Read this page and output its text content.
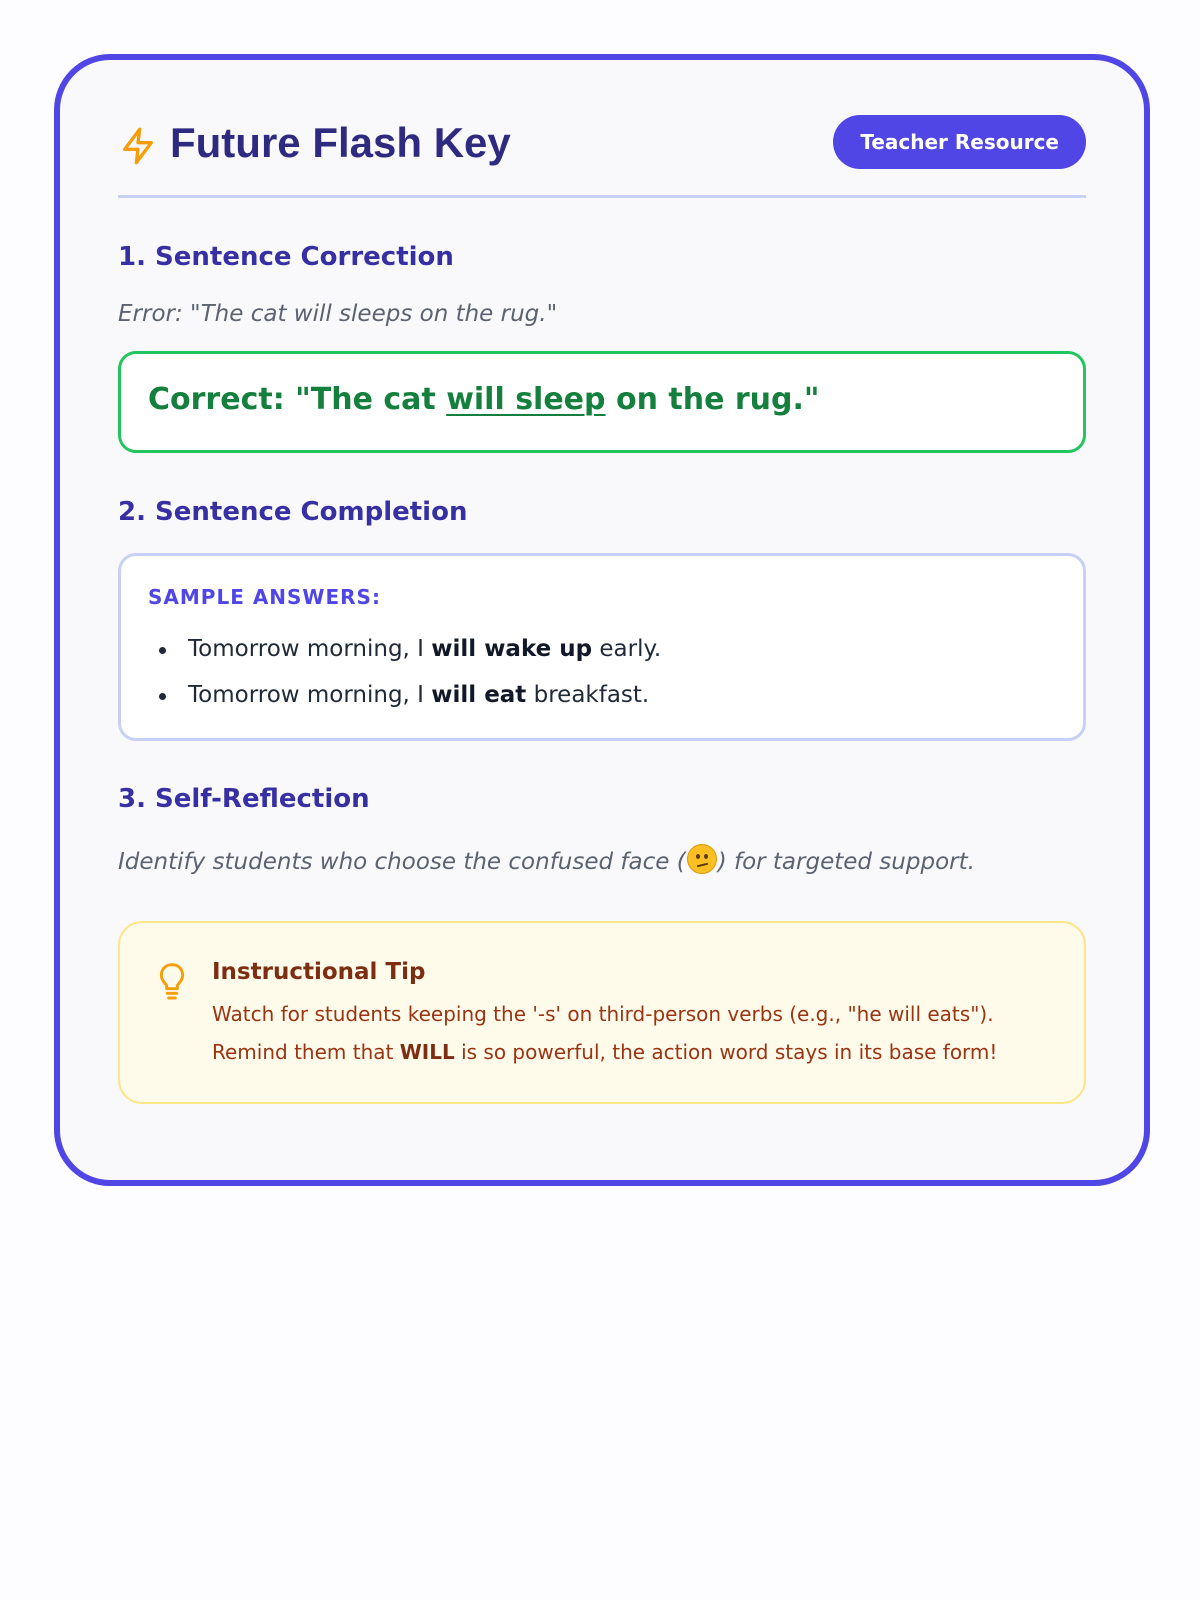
Future Flash Key	Teacher Resource
1. Sentence Correction
Error: "The cat will sleeps on the rug."
Correct: "The cat will sleep on the rug."
2. Sentence Completion
SAMPLE ANSWERS:
Tomorrow morning, I will wake up early.
Tomorrow morning, I will eat breakfast.
3. Self-Reflection
Identify students who choose the confused face ( ) for targeted support.
Instructional Tip
Watch for students keeping the '-s' on third-person verbs (e.g., "he will eats").
Remind them that WILL is so powerful, the action word stays in its base form!
